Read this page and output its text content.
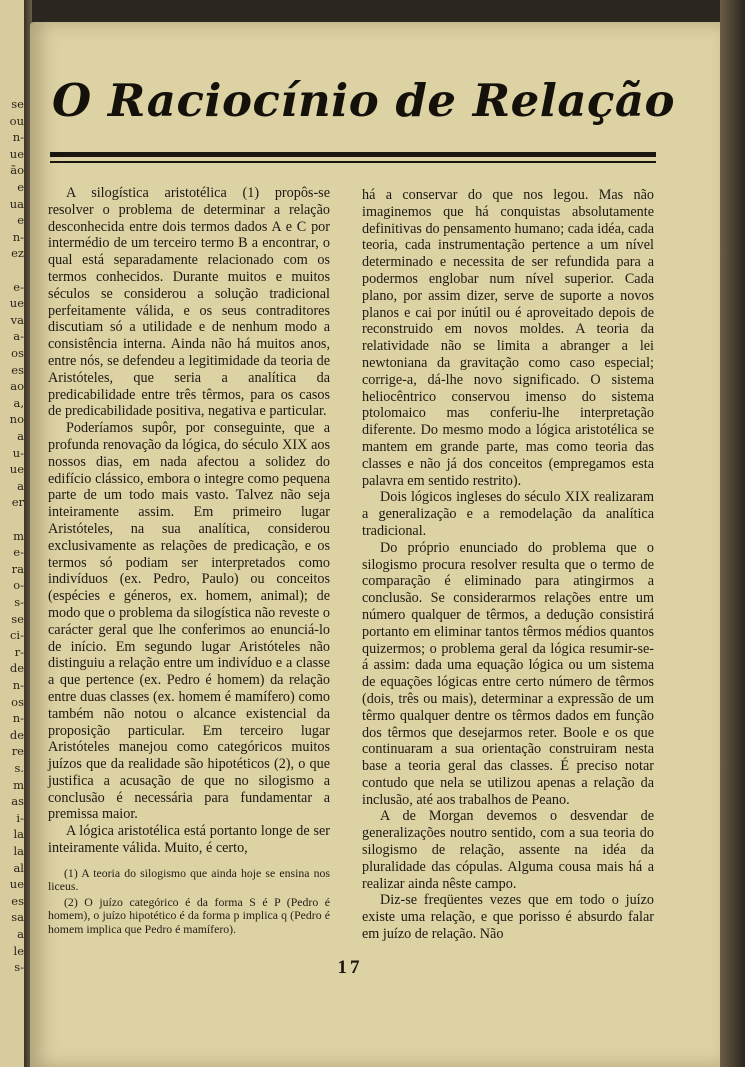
se
ou
n-
ue
ão
e
ua
e
n-
ez
e-
ue
va
a-
os
es
ao
a,
no
a
u-
ue
a
er
m
e-
ra
o-
s-
se
ci-
r-
de
n-
os
n-
de
re
s.
m
as
i-
la
la
al
ue
es
sa
a
le
s-
O Raciocínio de Relação

A silogística aristotélica (1) propôs-se resolver o problema de determinar a relação desconhecida entre dois termos dados A e C por intermédio de um terceiro termo B a encontrar, o qual está separadamente relacionado com os termos conhecidos. Durante muitos e muitos séculos se considerou a solução tradicional perfeitamente válida, e os seus contraditores discutiam só a utilidade e de nenhum modo a consistência interna. Ainda não há muitos anos, entre nós, se defendeu a legitimidade da teoria de Aristóteles, que seria a analítica da predicabilidade entre três têrmos, para os casos de predicabilidade positiva, negativa e particular.

Poderíamos supôr, por conseguinte, que a profunda renovação da lógica, do século XIX aos nossos dias, em nada afectou a solidez do edifício clássico, embora o integre como pequena parte de um todo mais vasto. Talvez não seja inteiramente assim. Em primeiro lugar Aristóteles, na sua analítica, considerou exclusivamente as relações de predicação, e os termos só podiam ser interpretados como indivíduos (ex. Pedro, Paulo) ou conceitos (espécies e géneros, ex. homem, animal); de modo que o problema da silogística não reveste o carácter geral que lhe conferimos ao enunciá-lo de início. Em segundo lugar Aristóteles não distinguiu a relação entre um indivíduo e a classe a que pertence (ex. Pedro é homem) da relação entre duas classes (ex. homem é mamífero) como também não notou o alcance existencial da proposição particular. Em terceiro lugar Aristóteles manejou como categóricos muitos juízos que da realidade são hipotéticos (2), o que justifica a acusação de que no silogismo a conclusão é necessária para fundamentar a premissa maior.

A lógica aristotélica está portanto longe de ser inteiramente válida. Muito, é certo,

(1) A teoria do silogismo que ainda hoje se ensina nos liceus.

(2) O juízo categórico é da forma S é P (Pedro é homem), o juízo hipotético é da forma p implica q (Pedro é homem implica que Pedro é mamífero).

há a conservar do que nos legou. Mas não imaginemos que há conquistas absolutamente definitivas do pensamento humano; cada idéa, cada teoria, cada instrumentação pertence a um nível determinado e necessita de ser refundida para a podermos englobar num nível superior. Cada plano, por assim dizer, serve de suporte a novos planos e cai por inútil ou é aproveitado depois de reconstruido em novos moldes. A teoria da relatividade não se limita a abranger a lei newtoniana da gravitação como caso especial; corrige-a, dá-lhe novo significado. O sistema heliocêntrico conservou imenso do sistema ptolomaico mas conferiu-lhe interpretação diferente. Do mesmo modo a lógica aristotélica se mantem em grande parte, mas como teoria das classes e não já dos conceitos (empregamos esta palavra em sentido restrito).

Dois lógicos ingleses do século XIX realizaram a generalização e a remodelação da analítica tradicional.

Do próprio enunciado do problema que o silogismo procura resolver resulta que o termo de comparação é eliminado para atingirmos a conclusão. Se considerarmos relações entre um número qualquer de têrmos, a dedução consistirá portanto em eliminar tantos têrmos médios quantos quizermos; o problema geral da lógica resumir-se-á assim: dada uma equação lógica ou um sistema de equações lógicas entre certo número de têrmos (dois, três ou mais), determinar a expressão de um têrmo qualquer dentre os têrmos dados em função dos têrmos que desejarmos reter. Boole e os que continuaram a sua orientação construiram nesta base a teoria geral das classes. É preciso notar contudo que nela se utilizou apenas a relação da inclusão, até aos trabalhos de Peano.

A de Morgan devemos o desvendar de generalizações noutro sentido, com a sua teoria do silogismo de relação, assente na idéa da pluralidade das cópulas. Alguma cousa mais há a realizar ainda nêste campo.

Diz-se freqüentes vezes que em todo o juízo existe uma relação, e que porisso é absurdo falar em juízo de relação. Não

17
